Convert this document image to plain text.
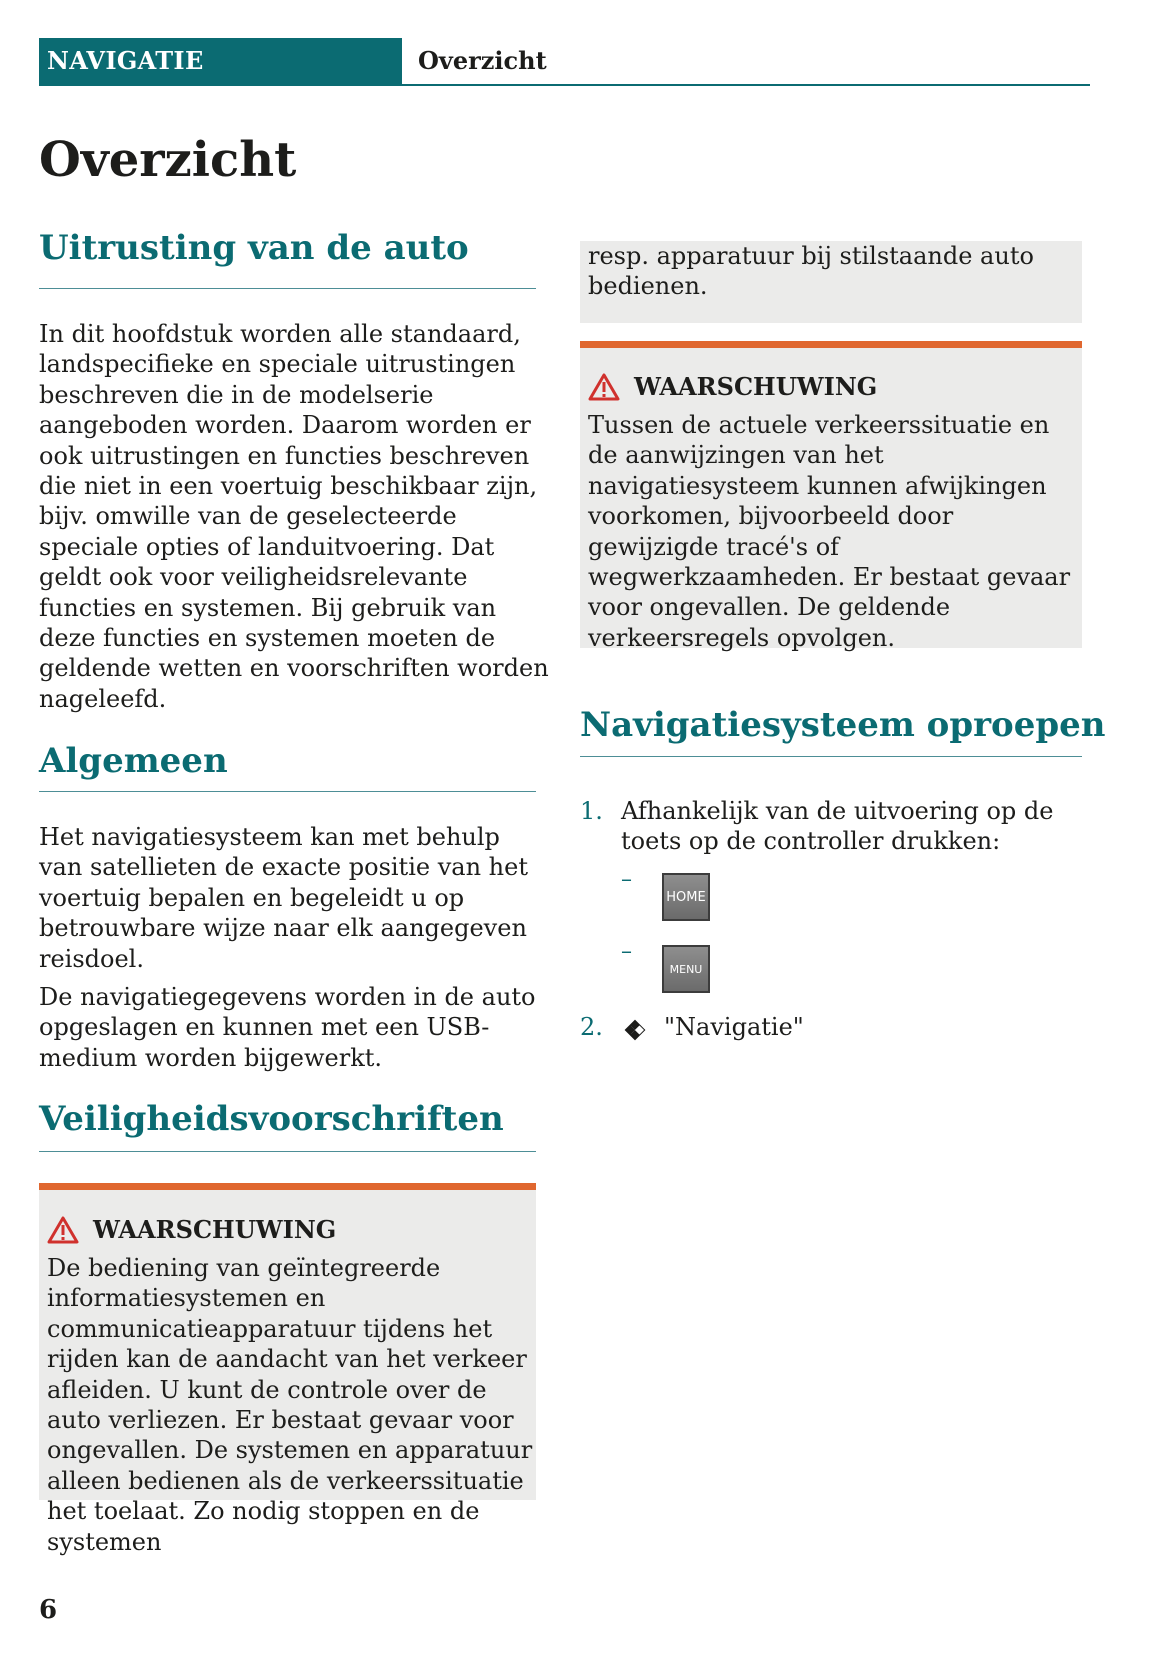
NAVIGATIE	Overzicht
Overzicht
Uitrusting van de auto

In dit hoofdstuk worden alle standaard, landspecifieke en speciale uitrustingen beschreven die in de modelserie aangeboden worden. Daarom worden er ook uitrustingen en functies beschreven die niet in een voertuig beschikbaar zijn, bijv. omwille van de geselecteerde speciale opties of landuitvoering. Dat geldt ook voor veiligheidsrelevante functies en systemen. Bij gebruik van deze functies en systemen moeten de geldende wetten en voorschriften worden nageleefd.

Algemeen

Het navigatiesysteem kan met behulp van satellieten de exacte positie van het voertuig bepalen en begeleidt u op betrouwbare wijze naar elk aangegeven reisdoel.

De navigatiegegevens worden in de auto opgeslagen en kunnen met een USB-medium worden bijgewerkt.

Veiligheidsvoorschriften
WAARSCHUWING

De bediening van geïntegreerde informatiesystemen en communicatieapparatuur tijdens het rijden kan de aandacht van het verkeer afleiden. U kunt de controle over de auto verliezen. Er bestaat gevaar voor ongevallen. De systemen en apparatuur alleen bedienen als de verkeerssituatie het toelaat. Zo nodig stoppen en de systemen

resp. apparatuur bij stilstaande auto bedienen.

WAARSCHUWING

Tussen de actuele verkeerssituatie en de aanwijzingen van het navigatiesysteem kunnen afwijkingen voorkomen, bijvoorbeeld door gewijzigde tracé's of wegwerkzaamheden. Er bestaat gevaar voor ongevallen. De geldende verkeersregels opvolgen.

Navigatiesysteem oproepen
1. Afhankelijk van de uitvoering op de toets op de controller drukken:

–
HOME
–
MENU
2.	"Navigatie"

6
